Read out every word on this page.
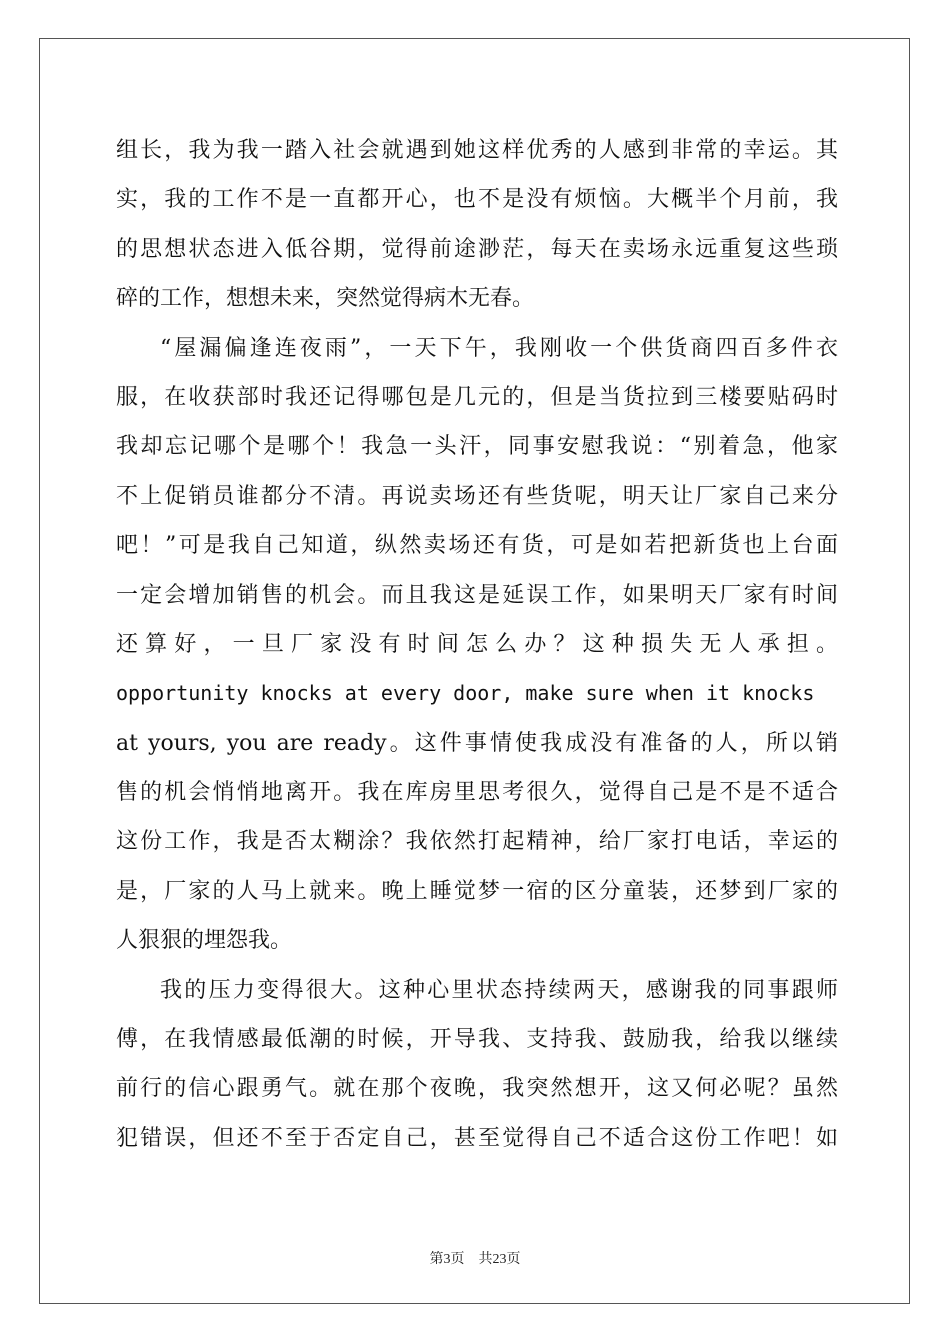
组长，我为我一踏入社会就遇到她这样优秀的人感到非常的幸运。其
实，我的工作不是一直都开心，也不是没有烦恼。大概半个月前，我
的思想状态进入低谷期，觉得前途渺茫，每天在卖场永远重复这些琐
碎的工作，想想未来，突然觉得病木无春。
“屋漏偏逢连夜雨”，一天下午，我刚收一个供货商四百多件衣
服，在收获部时我还记得哪包是几元的，但是当货拉到三楼要贴码时
我却忘记哪个是哪个！我急一头汗，同事安慰我说：“别着急，他家
不上促销员谁都分不清。再说卖场还有些货呢，明天让厂家自己来分
吧！”可是我自己知道，纵然卖场还有货，可是如若把新货也上台面
一定会增加销售的机会。而且我这是延误工作，如果明天厂家有时间
还算好，一旦厂家没有时间怎么办？这种损失无人承担。
opportunity knocks at every door, make sure when it knocks
at yours, you are ready。这件事情使我成没有准备的人，所以销
售的机会悄悄地离开。我在库房里思考很久，觉得自己是不是不适合
这份工作，我是否太糊涂？我依然打起精神，给厂家打电话，幸运的
是，厂家的人马上就来。晚上睡觉梦一宿的区分童装，还梦到厂家的
人狠狠的埋怨我。
我的压力变得很大。这种心里状态持续两天，感谢我的同事跟师
傅，在我情感最低潮的时候，开导我、支持我、鼓励我，给我以继续
前行的信心跟勇气。就在那个夜晚，我突然想开，这又何必呢？虽然
犯错误，但还不至于否定自己，甚至觉得自己不适合这份工作吧！如
第3页　共23页
